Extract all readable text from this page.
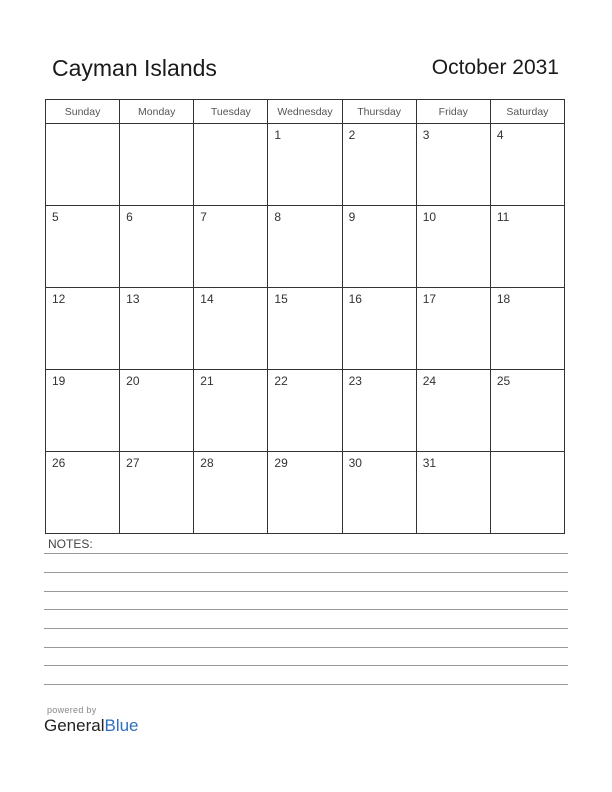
Cayman Islands	October 2031
Sunday	Monday	Tuesday	Wednesday	Thursday	Friday	Saturday
			1	2	3	4
5	6	7	8	9	10	11
12	13	14	15	16	17	18
19	20	21	22	23	24	25
26	27	28	29	30	31	
NOTES:
powered by
GeneralBlue
